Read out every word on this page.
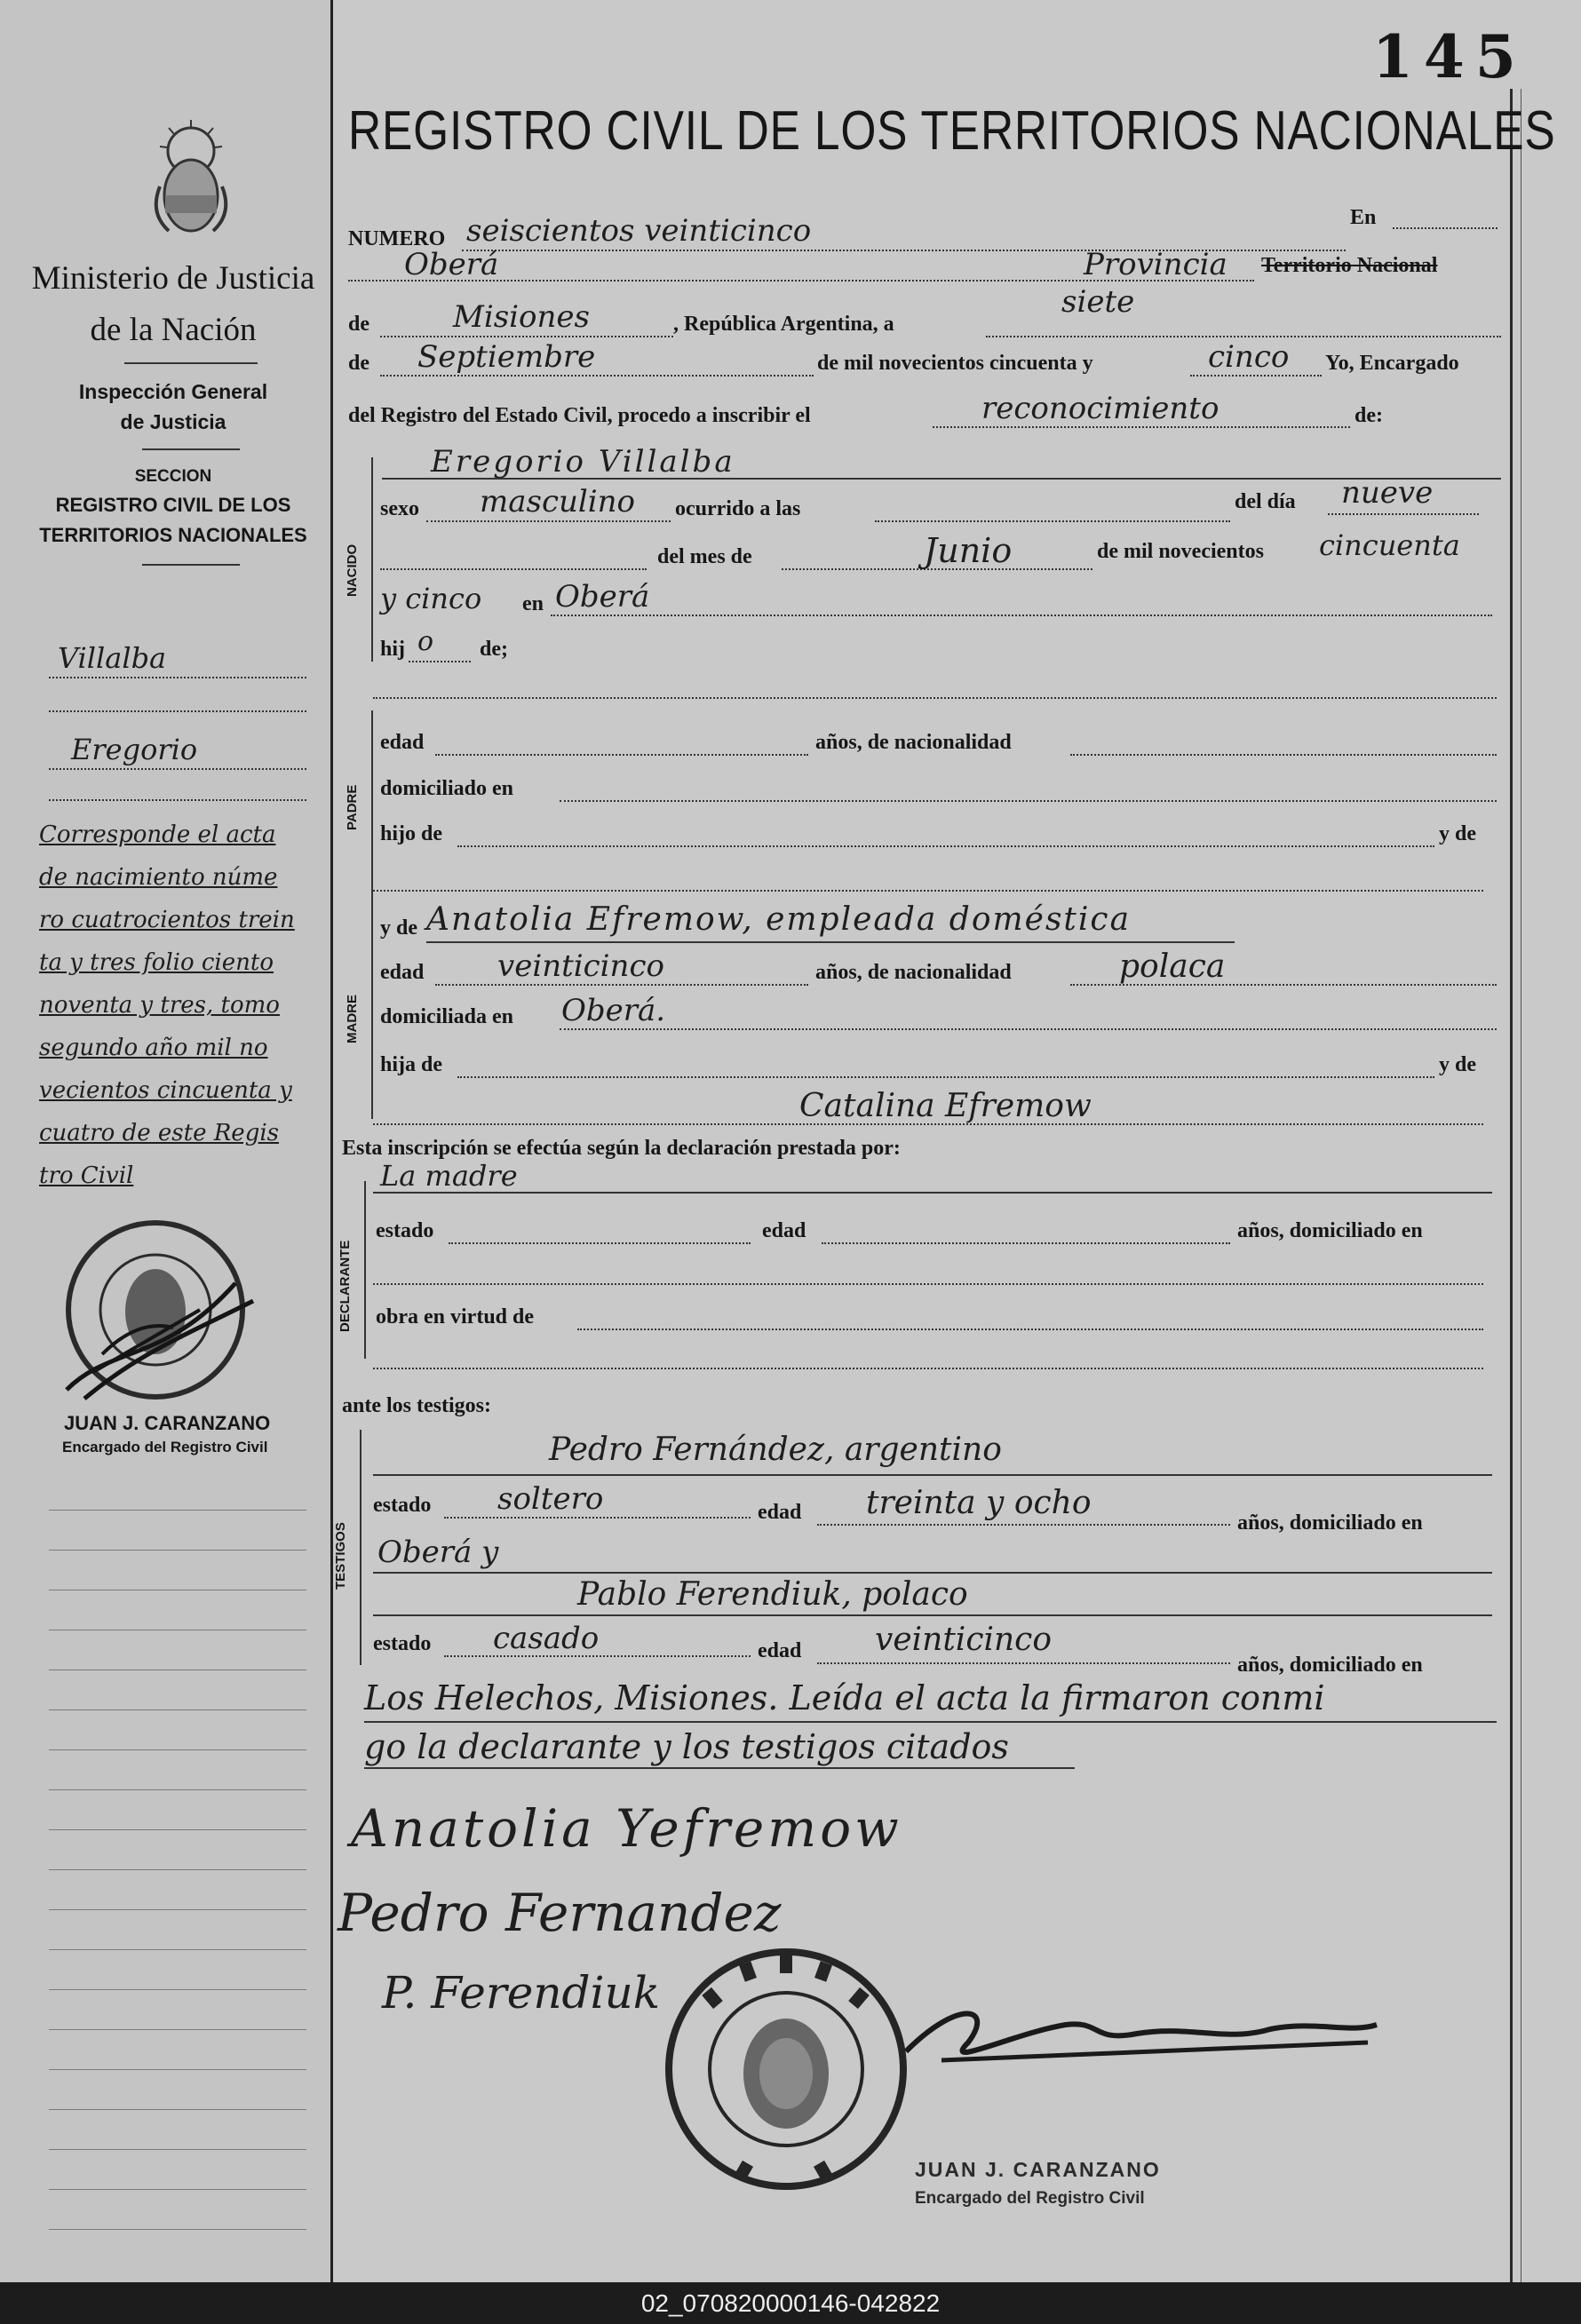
Ministerio de Justicia
de la Nación
Inspección General
de Justicia
SECCION
REGISTRO CIVIL DE LOS
TERRITORIOS NACIONALES
Villalba
Eregorio
Corresponde el acta
de nacimiento núme
ro cuatrocientos trein
ta y tres folio ciento
noventa y tres, tomo
segundo año mil no
vecientos cincuenta y
cuatro de este Regis
tro Civil
JUAN J. CARANZANO
Encargado del Registro Civil
145
REGISTRO CIVIL DE LOS TERRITORIOS NACIONALES
NUMERO seiscientos veinticinco	En
Oberá	Provincia Territorio Nacional
de	Misiones	, República Argentina, a
siete
de Septiembre	de mil novecientos cincuenta y	cinco Yo, Encargado
del Registro del Estado Civil, procedo a inscribir el	reconocimiento	de:
Eregorio Villalba
NACIDO
sexo masculino ocurrido a las	del día nueve
del mes de	Junio	de mil novecientos cincuenta
y cinco en Oberá
hij o de;
PADRE
edad	años, de nacionalidad
domiciliado en
hijo de	y de
MADRE
y de Anatolia Efremow, empleada doméstica
edad veinticinco	años, de nacionalidad	polaca
domiciliada en Oberá.
hija de	y de
Catalina Efremow
Esta inscripción se efectúa según la declaración prestada por:
La madre
DECLARANTE
estado	edad	años, domiciliado en
obra en virtud de
ante los testigos:
TESTIGOS
Pedro Fernández, argentino
estado soltero	edad treinta y ocho
años, domiciliado en
Oberá y
Pablo Ferendiuk, polaco
estado casado	edad veinticinco
años, domiciliado en
Los Helechos, Misiones. Leída el acta la firmaron conmi
go la declarante y los testigos citados
Anatolia Yefremow
Pedro Fernandez
P. Ferendiuk
JUAN J. CARANZANO
Encargado del Registro Civil
02_070820000146-042822
